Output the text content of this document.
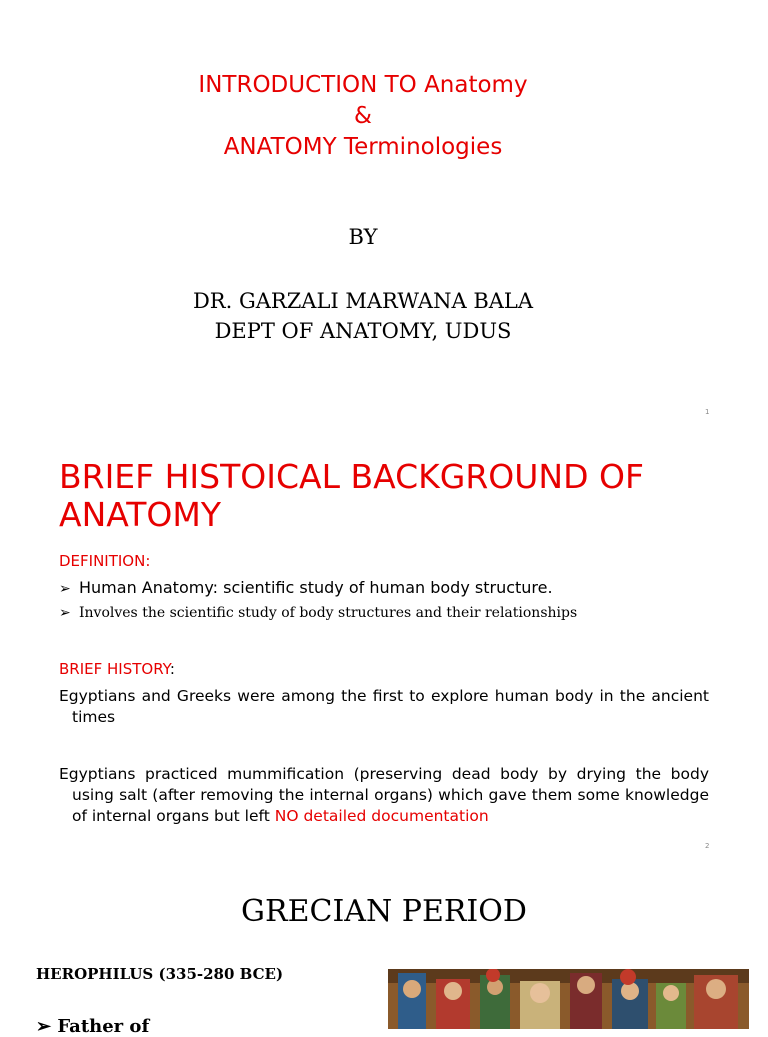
INTRODUCTION TO Anatomy
&
ANATOMY Terminologies
BY
DR. GARZALI MARWANA BALA
DEPT OF ANATOMY, UDUS
1
BRIEF HISTOICAL BACKGROUND OF ANATOMY
DEFINITION:
➢ Human Anatomy: scientific study of human body structure.
➢ Involves the scientific study of body structures and their relationships
BRIEF HISTORY:
Egyptians and Greeks were among the first to explore human body in the ancient times
Egyptians practiced mummification (preserving dead body by drying the body using salt (after removing the internal organs) which gave them some knowledge of internal organs but left NO detailed documentation
2
GRECIAN PERIOD
HEROPHILUS (335-280 BCE)
➢ Father of
